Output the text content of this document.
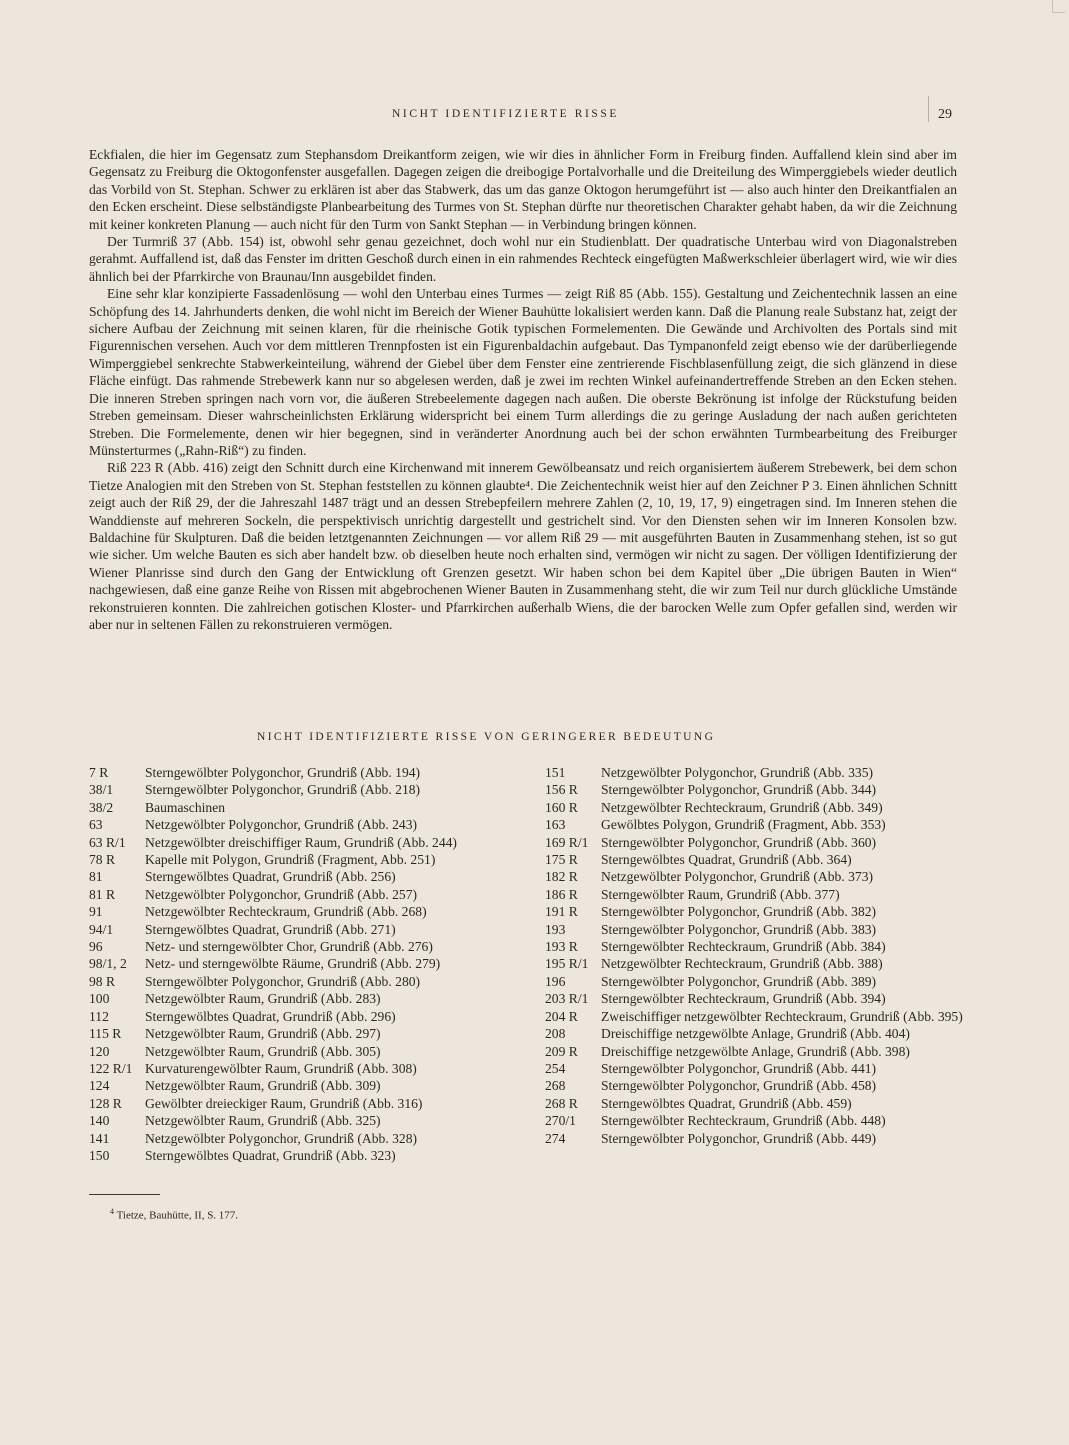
NICHT IDENTIFIZIERTE RISSE	29

Eckfialen, die hier im Gegensatz zum Stephansdom Dreikantform zeigen, wie wir dies in ähnlicher Form in Freiburg finden. Auffallend klein sind aber im Gegensatz zu Freiburg die Oktogonfenster ausgefallen. Dagegen zeigen die dreibogige Portalvorhalle und die Dreiteilung des Wimperggiebels wieder deutlich das Vorbild von St. Stephan. Schwer zu erklären ist aber das Stabwerk, das um das ganze Oktogon herumgeführt ist — also auch hinter den Dreikantfialen an den Ecken erscheint. Diese selbständigste Planbearbeitung des Turmes von St. Stephan dürfte nur theoretischen Charakter gehabt haben, da wir die Zeichnung mit keiner konkreten Planung — auch nicht für den Turm von Sankt Stephan — in Verbindung bringen können.

Der Turmriß 37 (Abb. 154) ist, obwohl sehr genau gezeichnet, doch wohl nur ein Studienblatt. Der quadratische Unterbau wird von Diagonalstreben gerahmt. Auffallend ist, daß das Fenster im dritten Geschoß durch einen in ein rahmendes Rechteck eingefügten Maßwerkschleier überlagert wird, wie wir dies ähnlich bei der Pfarrkirche von Braunau/Inn ausgebildet finden.

Eine sehr klar konzipierte Fassadenlösung — wohl den Unterbau eines Turmes — zeigt Riß 85 (Abb. 155). Gestaltung und Zeichentechnik lassen an eine Schöpfung des 14. Jahrhunderts denken, die wohl nicht im Bereich der Wiener Bauhütte lokalisiert werden kann. Daß die Planung reale Substanz hat, zeigt der sichere Aufbau der Zeichnung mit seinen klaren, für die rheinische Gotik typischen Formelementen. Die Gewände und Archivolten des Portals sind mit Figurennischen versehen. Auch vor dem mittleren Trennpfosten ist ein Figurenbaldachin aufgebaut. Das Tympanonfeld zeigt ebenso wie der darüberliegende Wimperggiebel senkrechte Stabwerkeinteilung, während der Giebel über dem Fenster eine zentrierende Fischblasenfüllung zeigt, die sich glänzend in diese Fläche einfügt. Das rahmende Strebewerk kann nur so abgelesen werden, daß je zwei im rechten Winkel aufeinandertreffende Streben an den Ecken stehen. Die inneren Streben springen nach vorn vor, die äußeren Strebeelemente dagegen nach außen. Die oberste Bekrönung ist infolge der Rückstufung beiden Streben gemeinsam. Dieser wahrscheinlichsten Erklärung widerspricht bei einem Turm allerdings die zu geringe Ausladung der nach außen gerichteten Streben. Die Formelemente, denen wir hier begegnen, sind in veränderter Anordnung auch bei der schon erwähnten Turmbearbeitung des Freiburger Münsterturmes („Rahn-Riß“) zu finden.

Riß 223 R (Abb. 416) zeigt den Schnitt durch eine Kirchenwand mit innerem Gewölbeansatz und reich organisiertem äußerem Strebewerk, bei dem schon Tietze Analogien mit den Streben von St. Stephan feststellen zu können glaubte⁴. Die Zeichentechnik weist hier auf den Zeichner P 3. Einen ähnlichen Schnitt zeigt auch der Riß 29, der die Jahreszahl 1487 trägt und an dessen Strebepfeilern mehrere Zahlen (2, 10, 19, 17, 9) eingetragen sind. Im Inneren stehen die Wanddienste auf mehreren Sockeln, die perspektivisch unrichtig dargestellt und gestrichelt sind. Vor den Diensten sehen wir im Inneren Konsolen bzw. Baldachine für Skulpturen. Daß die beiden letztgenannten Zeichnungen — vor allem Riß 29 — mit ausgeführten Bauten in Zusammenhang stehen, ist so gut wie sicher. Um welche Bauten es sich aber handelt bzw. ob dieselben heute noch erhalten sind, vermögen wir nicht zu sagen. Der völligen Identifizierung der Wiener Planrisse sind durch den Gang der Entwicklung oft Grenzen gesetzt. Wir haben schon bei dem Kapitel über „Die übrigen Bauten in Wien“ nachgewiesen, daß eine ganze Reihe von Rissen mit abgebrochenen Wiener Bauten in Zusammenhang steht, die wir zum Teil nur durch glückliche Umstände rekonstruieren konnten. Die zahlreichen gotischen Kloster- und Pfarrkirchen außerhalb Wiens, die der barocken Welle zum Opfer gefallen sind, werden wir aber nur in seltenen Fällen zu rekonstruieren vermögen.

NICHT IDENTIFIZIERTE RISSE VON GERINGERER BEDEUTUNG
7 R	Sterngewölbter Polygonchor, Grundriß (Abb. 194)
38/1 Sterngewölbter Polygonchor, Grundriß (Abb. 218)
38/2 Baumaschinen
63	Netzgewölbter Polygonchor, Grundriß (Abb. 243)
63 R/1 Netzgewölbter dreischiffiger Raum, Grundriß (Abb. 244)
78 R Kapelle mit Polygon, Grundriß (Fragment, Abb. 251)
81	Sterngewölbtes Quadrat, Grundriß (Abb. 256)
81 R Netzgewölbter Polygonchor, Grundriß (Abb. 257)
91	Netzgewölbter Rechteckraum, Grundriß (Abb. 268)
94/1 Sterngewölbtes Quadrat, Grundriß (Abb. 271)
96	Netz- und sterngewölbter Chor, Grundriß (Abb. 276)
98/1, 2 Netz- und sterngewölbte Räume, Grundriß (Abb. 279)
98 R Sterngewölbter Polygonchor, Grundriß (Abb. 280)
100	Netzgewölbter Raum, Grundriß (Abb. 283)
112	Sterngewölbtes Quadrat, Grundriß (Abb. 296)
115 R Netzgewölbter Raum, Grundriß (Abb. 297)
120	Netzgewölbter Raum, Grundriß (Abb. 305)
122 R/1 Kurvaturengewölbter Raum, Grundriß (Abb. 308)
124	Netzgewölbter Raum, Grundriß (Abb. 309)
128 R Gewölbter dreieckiger Raum, Grundriß (Abb. 316)
140	Netzgewölbter Raum, Grundriß (Abb. 325)
141	Netzgewölbter Polygonchor, Grundriß (Abb. 328)
150	Sterngewölbtes Quadrat, Grundriß (Abb. 323)
151	Netzgewölbter Polygonchor, Grundriß (Abb. 335)
156 R Sterngewölbter Polygonchor, Grundriß (Abb. 344)
160 R Netzgewölbter Rechteckraum, Grundriß (Abb. 349)
163	Gewölbtes Polygon, Grundriß (Fragment, Abb. 353)
169 R/1 Sterngewölbter Polygonchor, Grundriß (Abb. 360)
175 R Sterngewölbtes Quadrat, Grundriß (Abb. 364)
182 R Netzgewölbter Polygonchor, Grundriß (Abb. 373)
186 R Sterngewölbter Raum, Grundriß (Abb. 377)
191 R Sterngewölbter Polygonchor, Grundriß (Abb. 382)
193	Sterngewölbter Polygonchor, Grundriß (Abb. 383)
193 R Sterngewölbter Rechteckraum, Grundriß (Abb. 384)
195 R/1 Netzgewölbter Rechteckraum, Grundriß (Abb. 388)
196	Sterngewölbter Polygonchor, Grundriß (Abb. 389)
203 R/1 Sterngewölbter Rechteckraum, Grundriß (Abb. 394)
204 R Zweischiffiger netzgewölbter Rechteckraum, Grundriß (Abb. 395)
208	Dreischiffige netzgewölbte Anlage, Grundriß (Abb. 404)
209 R Dreischiffige netzgewölbte Anlage, Grundriß (Abb. 398)
254	Sterngewölbter Polygonchor, Grundriß (Abb. 441)
268	Sterngewölbter Polygonchor, Grundriß (Abb. 458)
268 R Sterngewölbtes Quadrat, Grundriß (Abb. 459)
270/1 Sterngewölbter Rechteckraum, Grundriß (Abb. 448)
274	Sterngewölbter Polygonchor, Grundriß (Abb. 449)
$^4$ Tietze, Bauhütte, II, S. 177.
